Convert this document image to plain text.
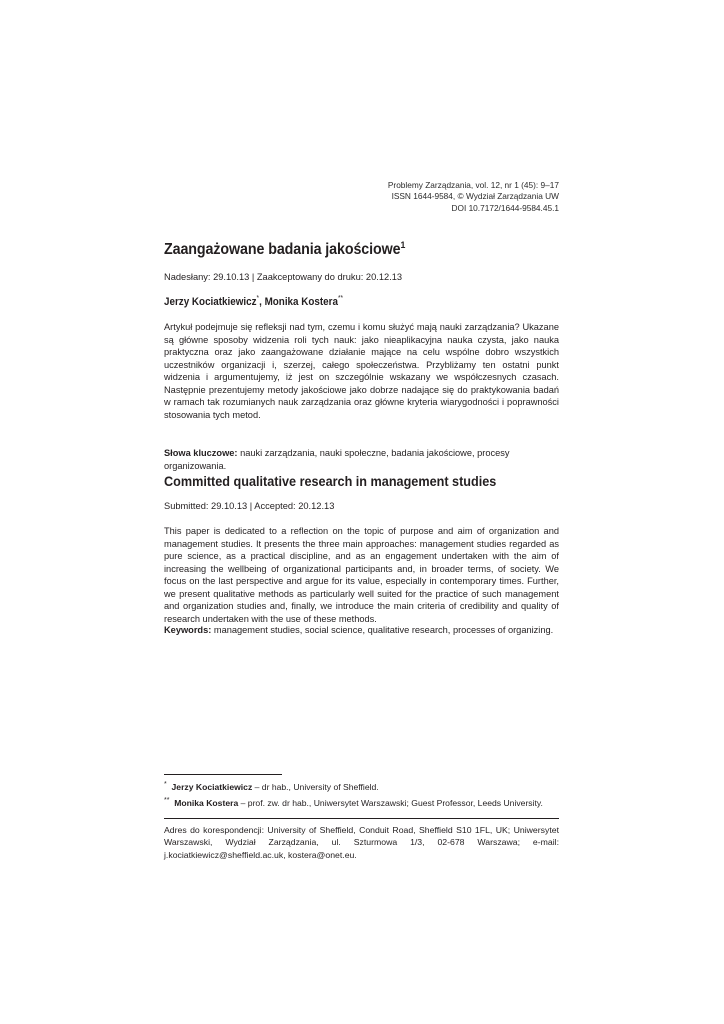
Problemy Zarządzania, vol. 12, nr 1 (45): 9–17
ISSN 1644-9584, © Wydział Zarządzania UW
DOI 10.7172/1644-9584.45.1
Zaangażowane badania jakościowe$^1$
Nadesłany: 29.10.13 | Zaakceptowany do druku: 20.12.13
Jerzy Kociatkiewicz*, Monika Kostera**

Artykuł podejmuje się refleksji nad tym, czemu i komu służyć mają nauki zarządzania? Ukazane są główne sposoby widzenia roli tych nauk: jako nieaplikacyjna nauka czysta, jako nauka praktyczna oraz jako zaangażowane działanie mające na celu wspólne dobro wszystkich uczestników organizacji i, szerzej, całego społeczeństwa. Przybliżamy ten ostatni punkt widzenia i argumentujemy, iż jest on szczególnie wskazany we współczesnych czasach. Następnie prezentujemy metody jakościowe jako dobrze nadające się do praktykowania badań w ramach tak rozumianych nauk zarządzania oraz główne kryteria wiarygodności i poprawności stosowania tych metod.

Słowa kluczowe: nauki zarządzania, nauki społeczne, badania jakościowe, procesy organizowania.

Committed qualitative research in management studies
Submitted: 29.10.13 | Accepted: 20.12.13

This paper is dedicated to a reflection on the topic of purpose and aim of organization and management studies. It presents the three main approaches: management studies regarded as pure science, as a practical discipline, and as an engagement undertaken with the aim of increasing the wellbeing of organizational participants and, in broader terms, of society. We focus on the last perspective and argue for its value, especially in contemporary times. Further, we present qualitative methods as particularly well suited for the practice of such management and organization studies and, finally, we introduce the main criteria of credibility and quality of research undertaken with the use of these methods.

Keywords: management studies, social science, qualitative research, processes of organizing.

* Jerzy Kociatkiewicz – dr hab., University of Sheffield.
** Monika Kostera – prof. zw. dr hab., Uniwersytet Warszawski; Guest Professor, Leeds University.

Adres do korespondencji: University of Sheffield, Conduit Road, Sheffield S10 1FL, UK; Uniwersytet Warszawski, Wydział Zarządzania, ul. Szturmowa 1/3, 02-678 Warszawa; e-mail: j.kociatkiewicz@sheffield.ac.uk, kostera@onet.eu.
